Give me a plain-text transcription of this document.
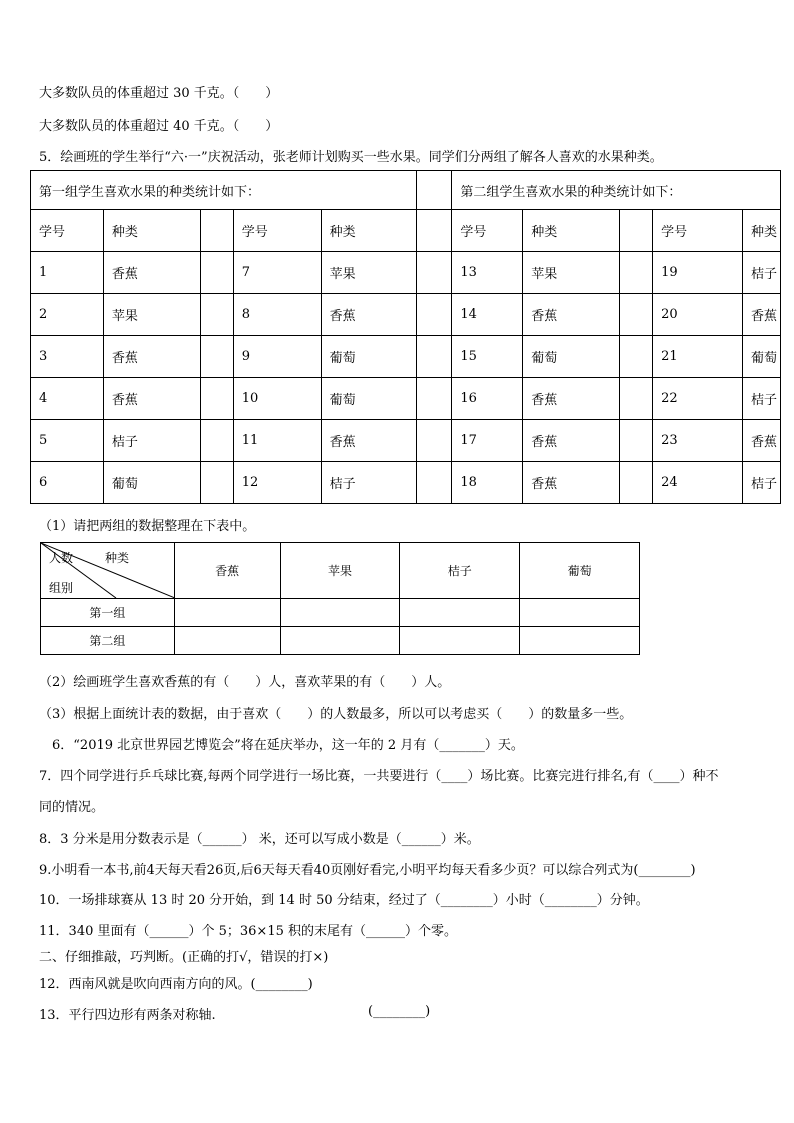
大多数队员的体重超过 30 千克。（　　）
大多数队员的体重超过 40 千克。（　　）
5．绘画班的学生举行“六·一”庆祝活动，张老师计划购买一些水果。同学们分两组了解各人喜欢的水果种类。
第一组学生喜欢水果的种类统计如下：						第二组学生喜欢水果的种类统计如下：				
学号	种类		学号	种类		学号	种类		学号	种类
1	香蕉		7	苹果		13	苹果		19	桔子
2	苹果		8	香蕉		14	香蕉		20	香蕉
3	香蕉		9	葡萄		15	葡萄		21	葡萄
4	香蕉		10	葡萄		16	香蕉		22	桔子
5	桔子		11	香蕉		17	香蕉		23	香蕉
6	葡萄		12	桔子		18	香蕉		24	桔子
（1）请把两组的数据整理在下表中。
人数 种类
组别	香蕉	苹果	桔子	葡萄
第一组				
第二组				
（2）绘画班学生喜欢香蕉的有（　　）人，喜欢苹果的有（　　）人。
（3）根据上面统计表的数据，由于喜欢（　　）的人数最多，所以可以考虑买（　　）的数量多一些。
6．“2019 北京世界园艺博览会”将在延庆举办，这一年的 2 月有（_______）天。
7．四个同学进行乒乓球比赛,每两个同学进行一场比赛，一共要进行（____）场比赛。比赛完进行排名,有（____）种不
同的情况。
8．3 分米是用分数表示是（______） 米，还可以写成小数是（______）米。
9.小明看一本书,前4天每天看26页,后6天每天看40页刚好看完,小明平均每天看多少页？可以综合列式为(________)
10．一场排球赛从 13 时 20 分开始，到 14 时 50 分结束，经过了（________）小时（________）分钟。
11．340 里面有（______）个 5；36×15 积的末尾有（______）个零。
二、仔细推敲，巧判断。(正确的打√，错误的打×)
12．西南风就是吹向西南方向的风。(________)
13．平行四边形有两条对称轴.	(________)
